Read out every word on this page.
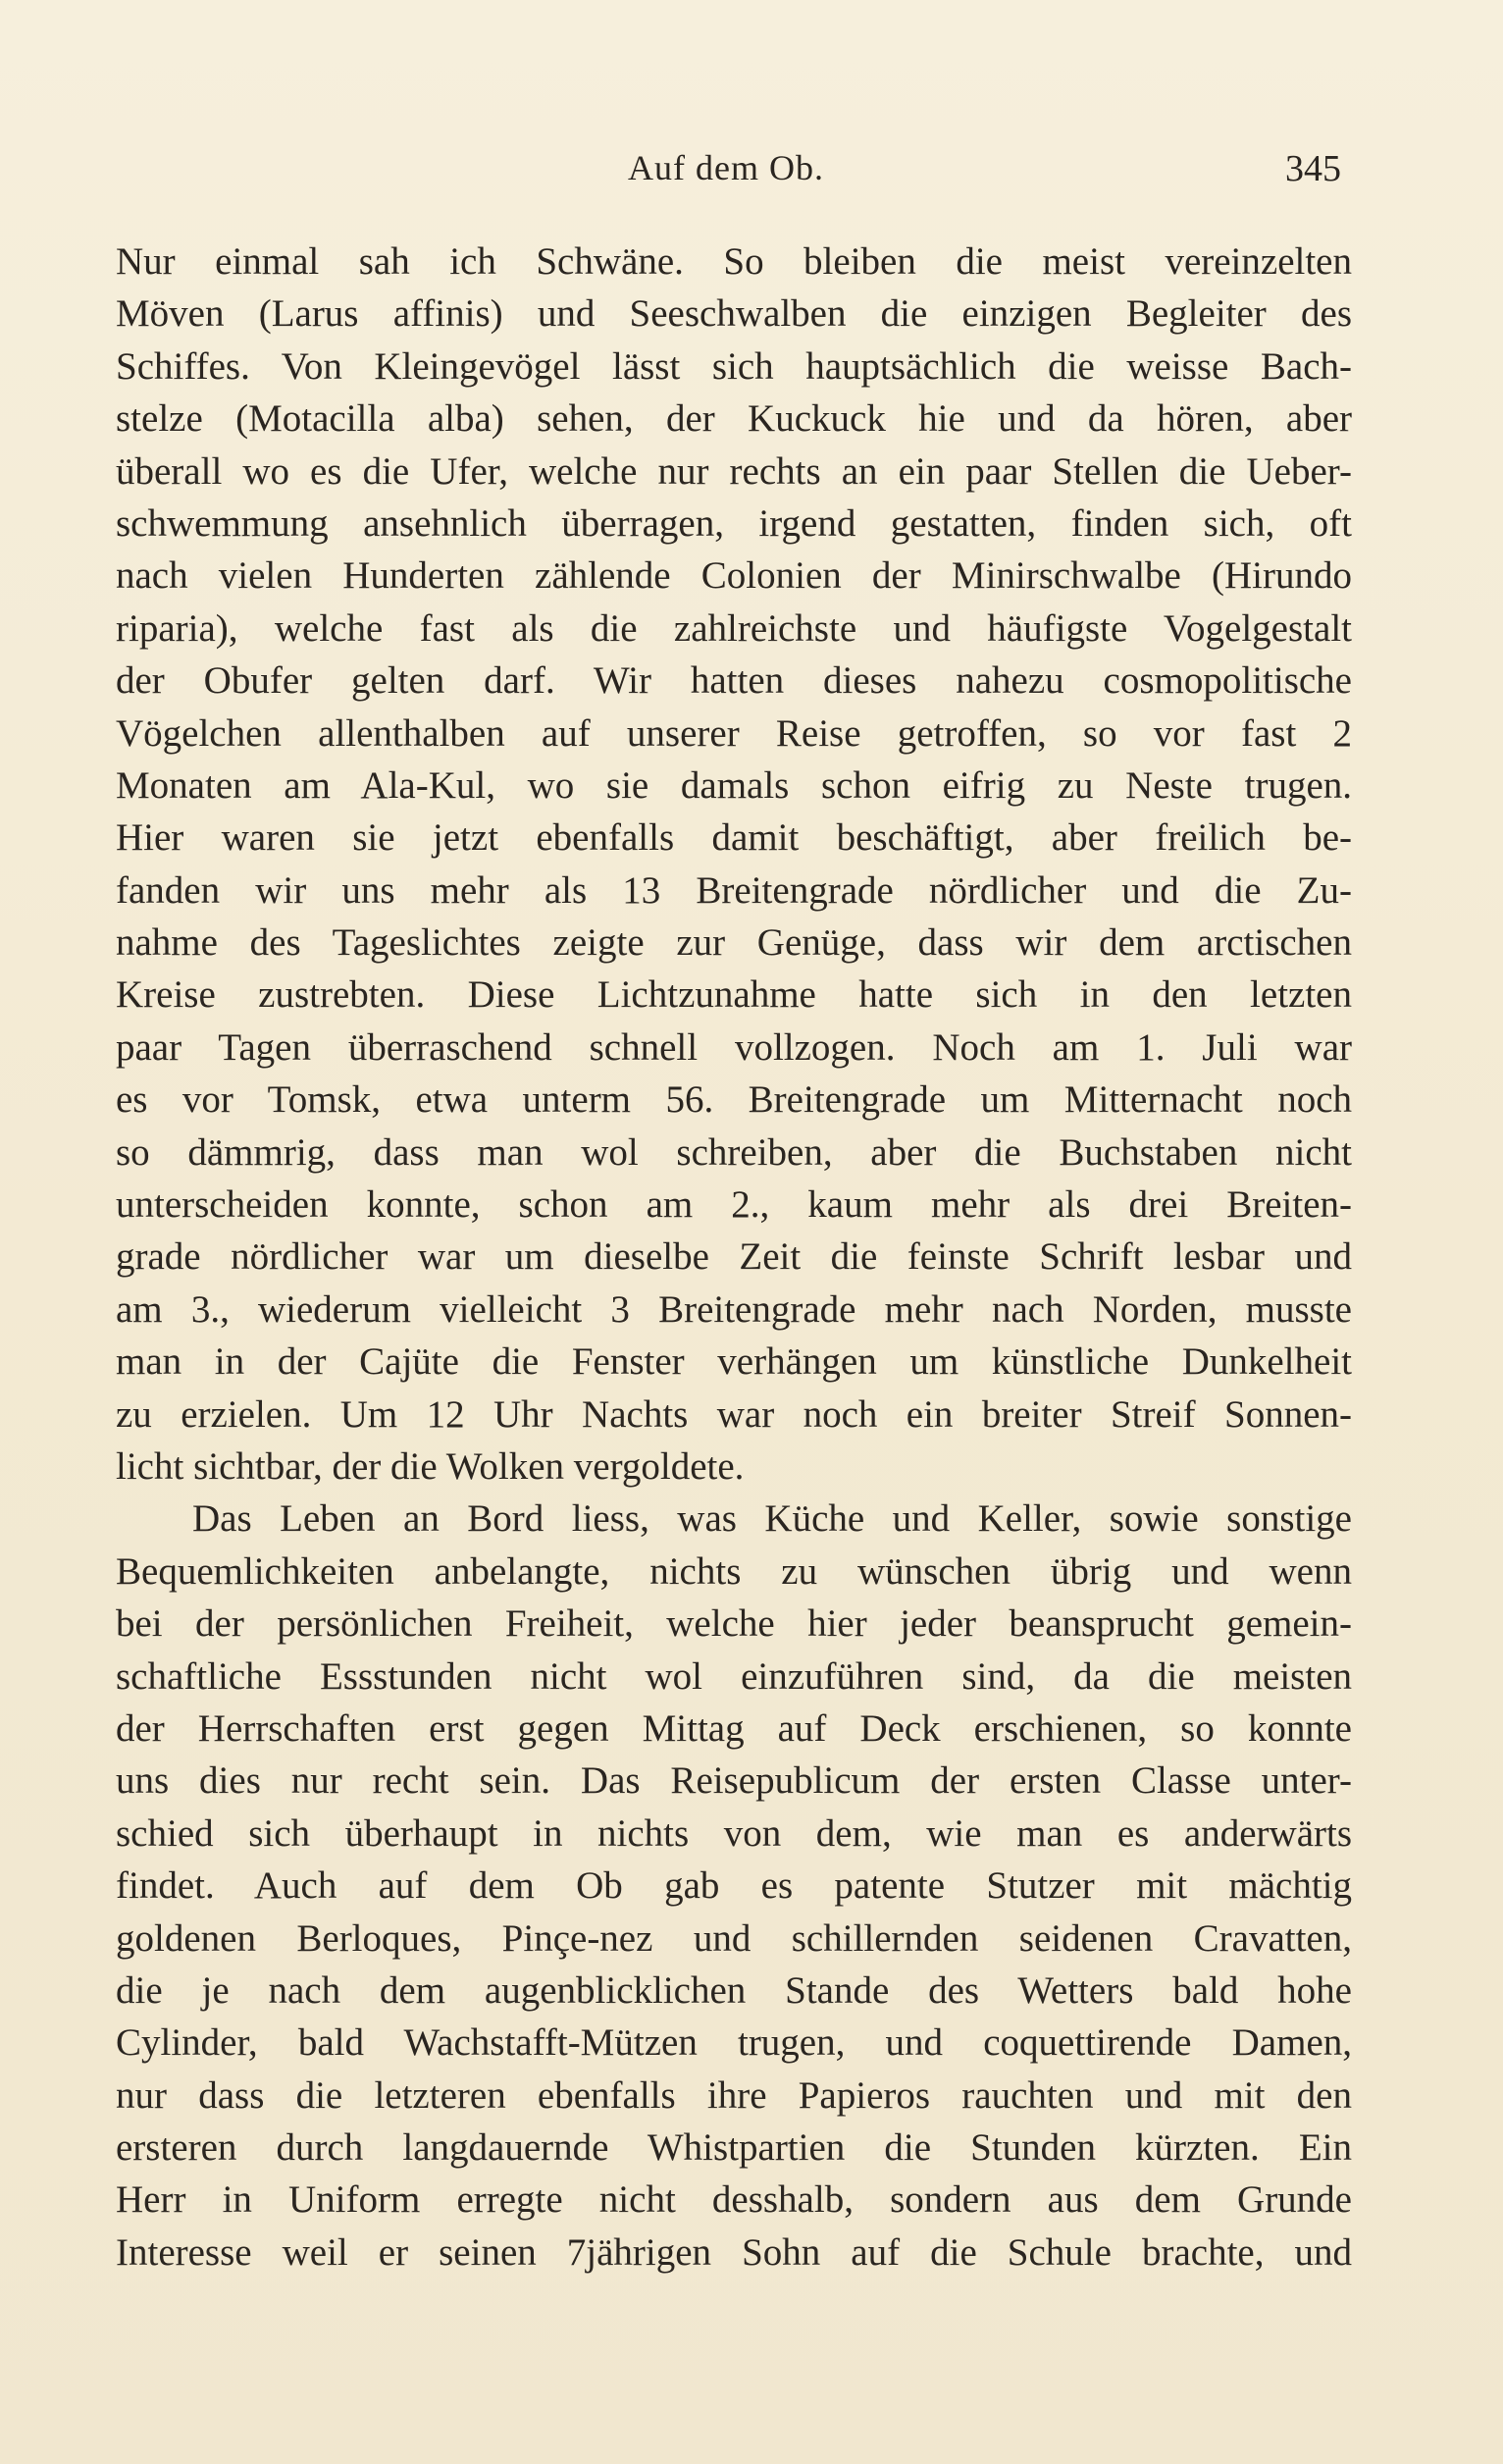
Auf dem Ob.	345
Nur einmal sah ich Schwäne. So bleiben die meist vereinzelten
Möven (Larus affinis) und Seeschwalben die einzigen Begleiter des
Schiffes. Von Kleingevögel lässt sich hauptsächlich die weisse Bach-
stelze (Motacilla alba) sehen, der Kuckuck hie und da hören, aber
überall wo es die Ufer, welche nur rechts an ein paar Stellen die Ueber-
schwemmung ansehnlich überragen, irgend gestatten, finden sich, oft
nach vielen Hunderten zählende Colonien der Minirschwalbe (Hirundo
riparia), welche fast als die zahlreichste und häufigste Vogelgestalt
der Obufer gelten darf. Wir hatten dieses nahezu cosmopolitische
Vögelchen allenthalben auf unserer Reise getroffen, so vor fast 2
Monaten am Ala-Kul, wo sie damals schon eifrig zu Neste trugen.
Hier waren sie jetzt ebenfalls damit beschäftigt, aber freilich be-
fanden wir uns mehr als 13 Breitengrade nördlicher und die Zu-
nahme des Tageslichtes zeigte zur Genüge, dass wir dem arctischen
Kreise zustrebten. Diese Lichtzunahme hatte sich in den letzten
paar Tagen überraschend schnell vollzogen. Noch am 1. Juli war
es vor Tomsk, etwa unterm 56. Breitengrade um Mitternacht noch
so dämmrig, dass man wol schreiben, aber die Buchstaben nicht
unterscheiden konnte, schon am 2., kaum mehr als drei Breiten-
grade nördlicher war um dieselbe Zeit die feinste Schrift lesbar und
am 3., wiederum vielleicht 3 Breitengrade mehr nach Norden, musste
man in der Cajüte die Fenster verhängen um künstliche Dunkelheit
zu erzielen. Um 12 Uhr Nachts war noch ein breiter Streif Sonnen-
licht sichtbar, der die Wolken vergoldete.
Das Leben an Bord liess, was Küche und Keller, sowie sonstige
Bequemlichkeiten anbelangte, nichts zu wünschen übrig und wenn
bei der persönlichen Freiheit, welche hier jeder beansprucht gemein-
schaftliche Essstunden nicht wol einzuführen sind, da die meisten
der Herrschaften erst gegen Mittag auf Deck erschienen, so konnte
uns dies nur recht sein. Das Reisepublicum der ersten Classe unter-
schied sich überhaupt in nichts von dem, wie man es anderwärts
findet. Auch auf dem Ob gab es patente Stutzer mit mächtig
goldenen Berloques, Pinçe-nez und schillernden seidenen Cravatten,
die je nach dem augenblicklichen Stande des Wetters bald hohe
Cylinder, bald Wachstafft-Mützen trugen, und coquettirende Damen,
nur dass die letzteren ebenfalls ihre Papieros rauchten und mit den
ersteren durch langdauernde Whistpartien die Stunden kürzten. Ein
Herr in Uniform erregte nicht desshalb, sondern aus dem Grunde
Interesse weil er seinen 7jährigen Sohn auf die Schule brachte, und
